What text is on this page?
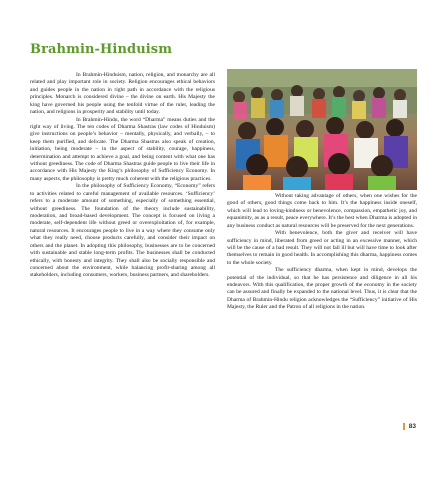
Brahmin-Hinduism

In Brahmin-Hinduism, nation, religion, and monarchy are all related and play important role in society. Religion encourages ethical behaviors and guides people in the nation in right path in accordance with the religious principles. Monarch is considered divine – the divine on earth. His Majesty the king have governed his people using the tenfold virtue of the ruler, leading the nation, and religions in prosperity and stability until today.

In Brahmin-Hindu, the word “Dharma” means duties and the right way of living. The ten codes of Dharma Shastras (law codes of Hinduism) give instructions on people’s behavior – mentally, physically, and verbally, – to keep them purified, and delicate. The Dharma Shastras also speak of creation, initiation, being moderate – in the aspect of stability, courage, happiness, determination and attempt to achieve a goal, and being content with what one has without greediness. The code of Dharma Shastras guide people to live their life in accordance with His Majesty the King’s philosophy of Sufficiency Economy. In many aspects, the philosophy is pretty much coherent with the religious practices.

In the philosophy of Sufficiency Economy, “Economy” refers to activities related to careful management of available resources. ‘Sufficiency’ refers to a moderate amount of something, especially of something essential, without greediness. The foundation of the theory include sustainability, moderation, and broad-based development. The concept is focused on living a moderate, self-dependent life without greed or overexploitation of, for example, natural resources. It encourages people to live in a way where they consume only what they really need, choose products carefully, and consider their impact on others and the planet. In adopting this philosophy, businesses are to be concerned with sustainable and stable long-term profits. The businesses shall be conducted ethically, with honesty and integrity. They shall also be socially responsible and concerned about the environment, while balancing profit-sharing among all stakeholders, including consumers, workers, business partners, and shareholders.

Without taking advantage of others, when one wishes for the good of others, good things come back to him. It’s the happiness inside oneself, which will lead to loving-kindness or benevolence, compassion, empathetic joy, and equanimity, as as a result, peace everywhere. It’s the best when Dharma is adopted in any business conduct as natural resources will be preserved for the next generations.

With benevolence, both the giver and receiver will have sufficiency in mind, liberated from greed or acting in an excessive manner, which will be the cause of a bad result. They will not fall ill but will have time to look after themselves to remain in good health. In accomplishing this dharma, happiness comes to the whole society.

The sufficiency dharma, when kept in mind, develops the potential of the individual, so that he has persistence and diligence in all his endeavors. With this qualification, the proper growth of the economy in the society can be assured and finally be expanded to the national level. Thus, it is clear that the Dharma of Brahmin-Hindu religion acknowledges the “Sufficiency” initiative of His Majesty, the Ruler and the Patron of all religions in the nation.

83
